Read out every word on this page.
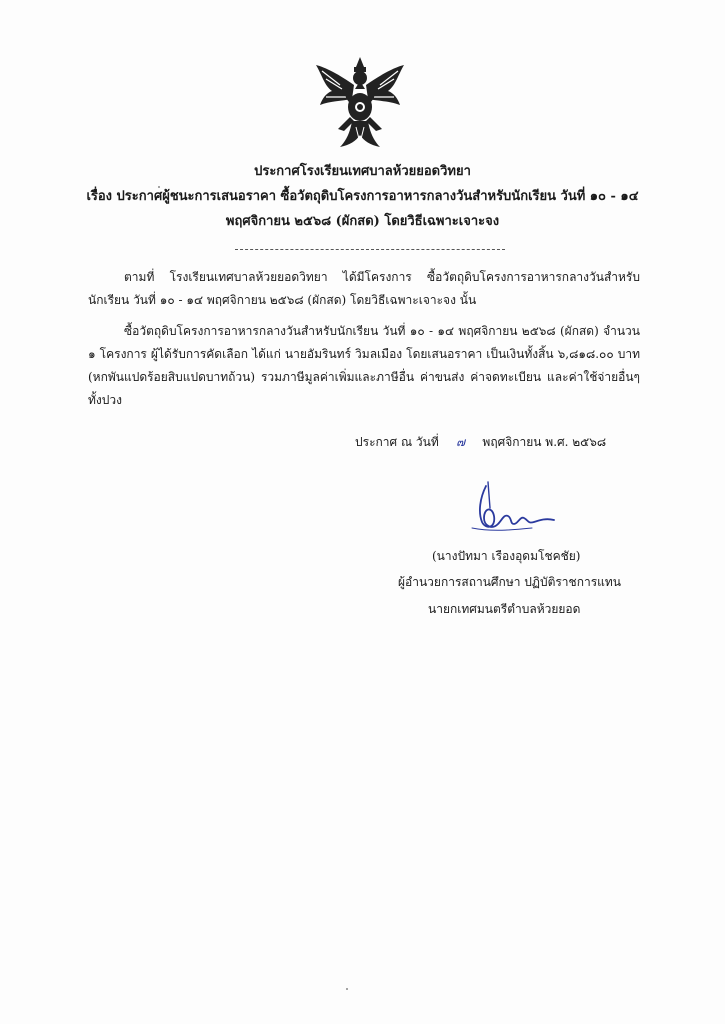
ประกาศโรงเรียนเทศบาลห้วยยอดวิทยา
เรื่อง ประกาศผู้ชนะการเสนอราคา ซื้อวัตถุดิบโครงการอาหารกลางวันสำหรับนักเรียน วันที่ ๑๐ - ๑๔
พฤศจิกายน ๒๕๖๘ (ผักสด) โดยวิธีเฉพาะเจาะจง
ตามที่ โรงเรียนเทศบาลห้วยยอดวิทยา ได้มีโครงการ ซื้อวัตถุดิบโครงการอาหารกลางวันสำหรับนักเรียน วันที่ ๑๐ - ๑๔ พฤศจิกายน ๒๕๖๘ (ผักสด) โดยวิธีเฉพาะเจาะจง นั้น
ซื้อวัตถุดิบโครงการอาหารกลางวันสำหรับนักเรียน วันที่ ๑๐ - ๑๔ พฤศจิกายน ๒๕๖๘ (ผักสด) จำนวน ๑ โครงการ ผู้ได้รับการคัดเลือก ได้แก่ นายอัมรินทร์ วิมลเมือง โดยเสนอราคา เป็นเงินทั้งสิ้น ๖,๘๑๘.๐๐ บาท (หกพันแปดร้อยสิบแปดบาทถ้วน) รวมภาษีมูลค่าเพิ่มและภาษีอื่น ค่าขนส่ง ค่าจดทะเบียน และค่าใช้จ่ายอื่นๆ ทั้งปวง
ประกาศ ณ วันที่ ๗ พฤศจิกายน พ.ศ. ๒๕๖๘
(นางปัทมา เรืองอุดมโชคชัย)
ผู้อำนวยการสถานศึกษา ปฏิบัติราชการแทน
นายกเทศมนตรีตำบลห้วยยอด
